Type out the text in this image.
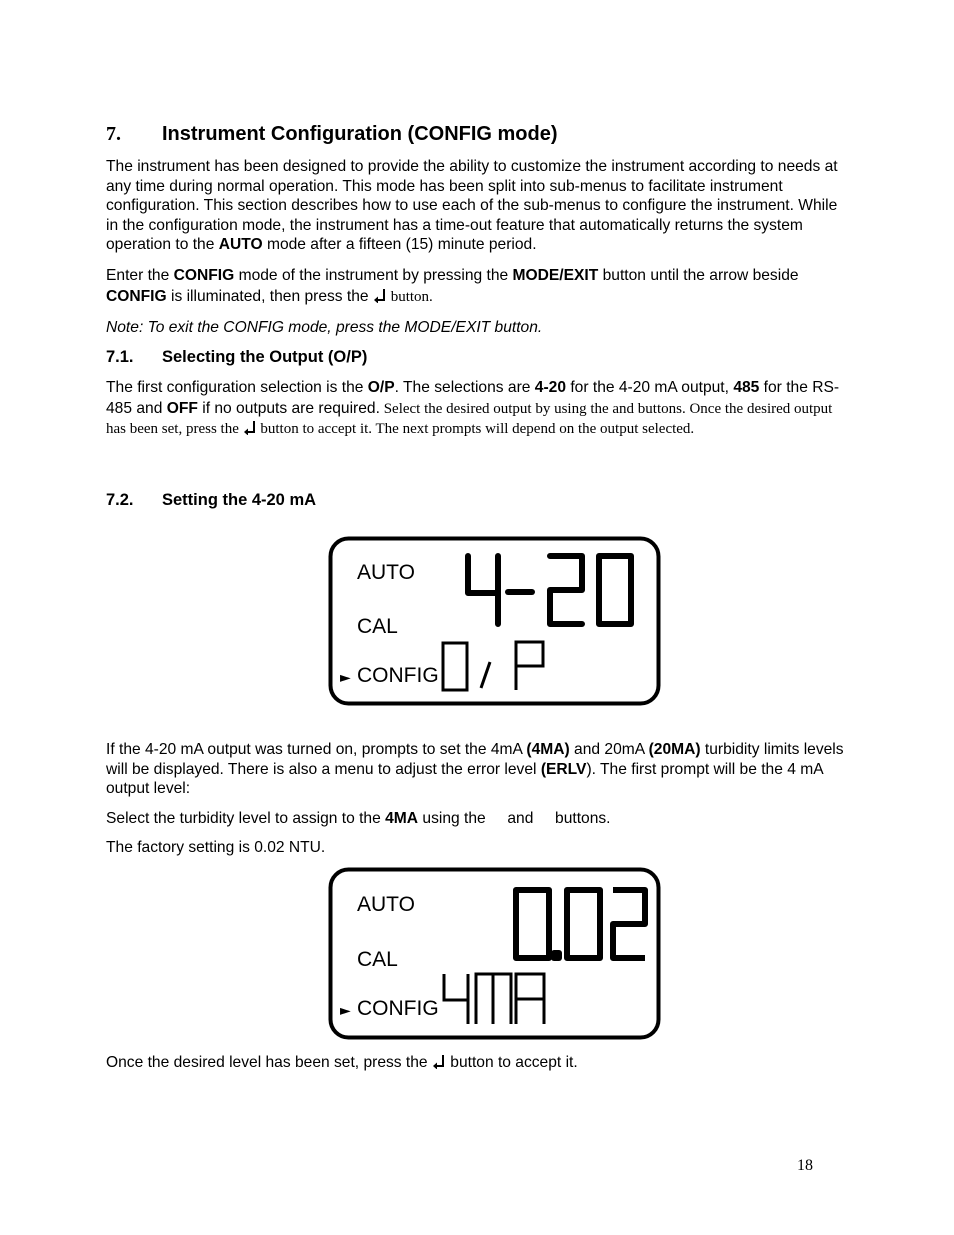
7. Instrument Configuration (CONFIG mode)

The instrument has been designed to provide the ability to customize the instrument according to needs at any time during normal operation. This mode has been split into sub-menus to facilitate instrument configuration. This section describes how to use each of the sub-menus to configure the instrument. While in the configuration mode, the instrument has a time-out feature that automatically returns the system operation to the AUTO mode after a fifteen (15) minute period.

Enter the CONFIG mode of the instrument by pressing the MODE/EXIT button until the arrow beside CONFIG is illuminated, then press the  button.

Note: To exit the CONFIG mode, press the MODE/EXIT button.

7.1. Selecting the Output (O/P)

The first configuration selection is the O/P. The selections are 4-20 for the 4-20 mA output, 485 for the RS-485 and OFF if no outputs are required. Select the desired output by using the and buttons. Once the desired output has been set, press the  button to accept it. The next prompts will depend on the output selected.

7.2. Setting the 4-20 mA
AUTO
CAL
► CONFIG

If the 4-20 mA output was turned on, prompts to set the 4mA (4MA) and 20mA (20MA) turbidity limits levels will be displayed. There is also a menu to adjust the error level (ERLV). The first prompt will be the 4 mA output level:

Select the turbidity level to assign to the 4MA using the     and     buttons.

The factory setting is 0.02 NTU.

AUTO
CAL
► CONFIG

Once the desired level has been set, press the  button to accept it.

18
